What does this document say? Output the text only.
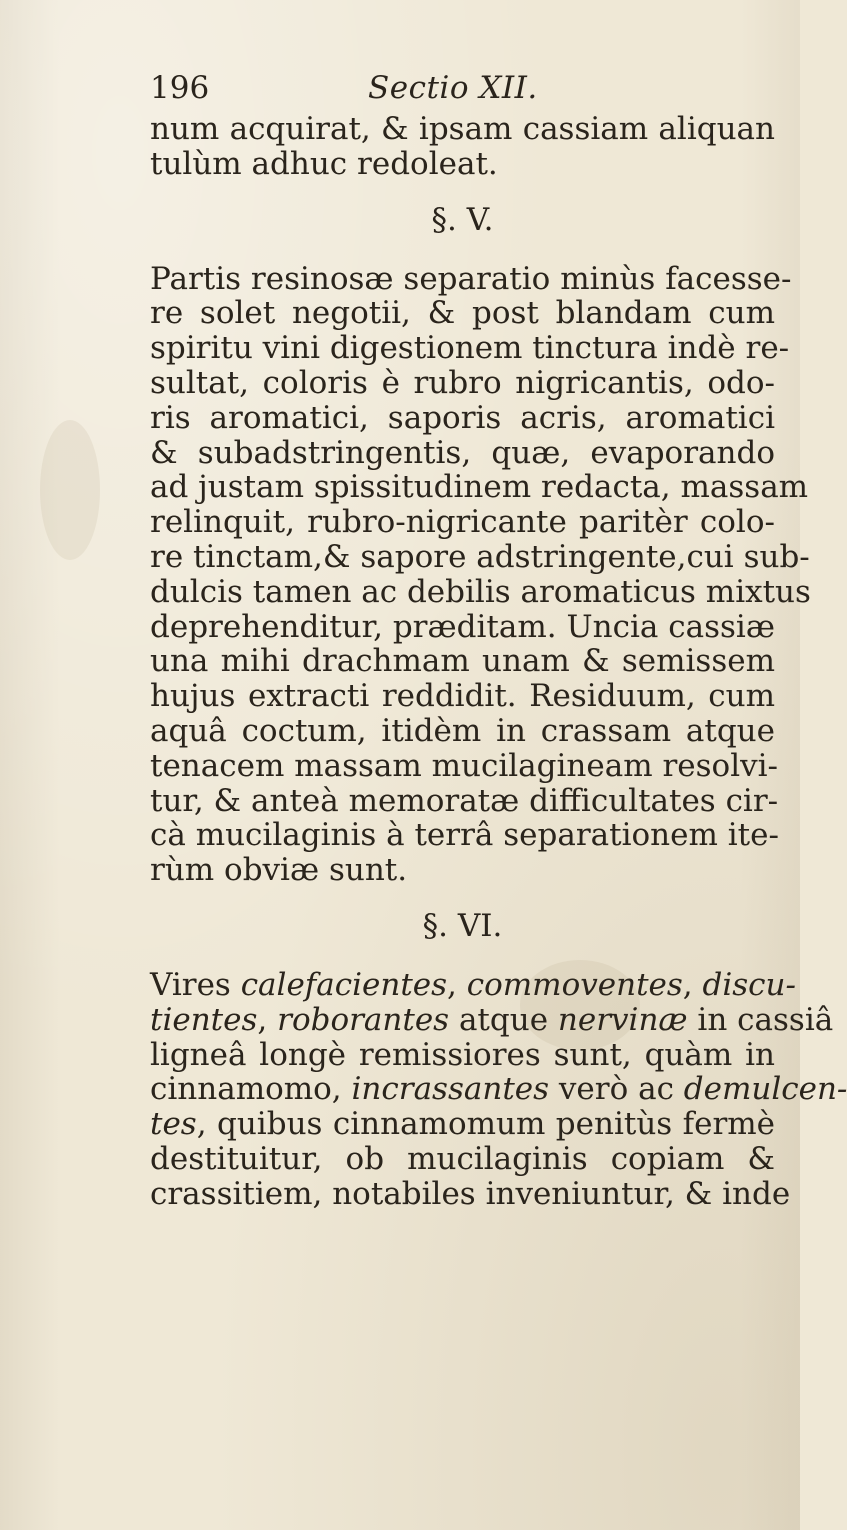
196	Sectio XII.
num acquirat, & ipsam cassiam aliquan
tulùm adhuc redoleat.
§. V.
Partis resinosæ separatio minùs facesse-
re solet negotii, & post blandam cum
spiritu vini digestionem tinctura indè re-
sultat, coloris è rubro nigricantis, odo-
ris aromatici, saporis acris, aromatici
& subadstringentis, quæ, evaporando
ad justam spissitudinem redacta, massam
relinquit, rubro-nigricante paritèr colo-
re tinctam,& sapore adstringente,cui sub-
dulcis tamen ac debilis aromaticus mixtus
deprehenditur, præditam. Uncia cassiæ
una mihi drachmam unam & semissem
hujus extracti reddidit. Residuum, cum
aquâ coctum, itidèm in crassam atque
tenacem massam mucilagineam resolvi-
tur, & anteà memoratæ difficultates cir-
cà mucilaginis à terrâ separationem ite-
rùm obviæ sunt.
§. VI.
Vires calefacientes, commoventes, discu-
tientes, roborantes atque nervinæ in cassiâ
ligneâ longè remissiores sunt, quàm in
cinnamomo, incrassantes verò ac demulcen-
tes, quibus cinnamomum penitùs fermè
destituitur, ob mucilaginis copiam &
crassitiem, notabiles inveniuntur, & inde
